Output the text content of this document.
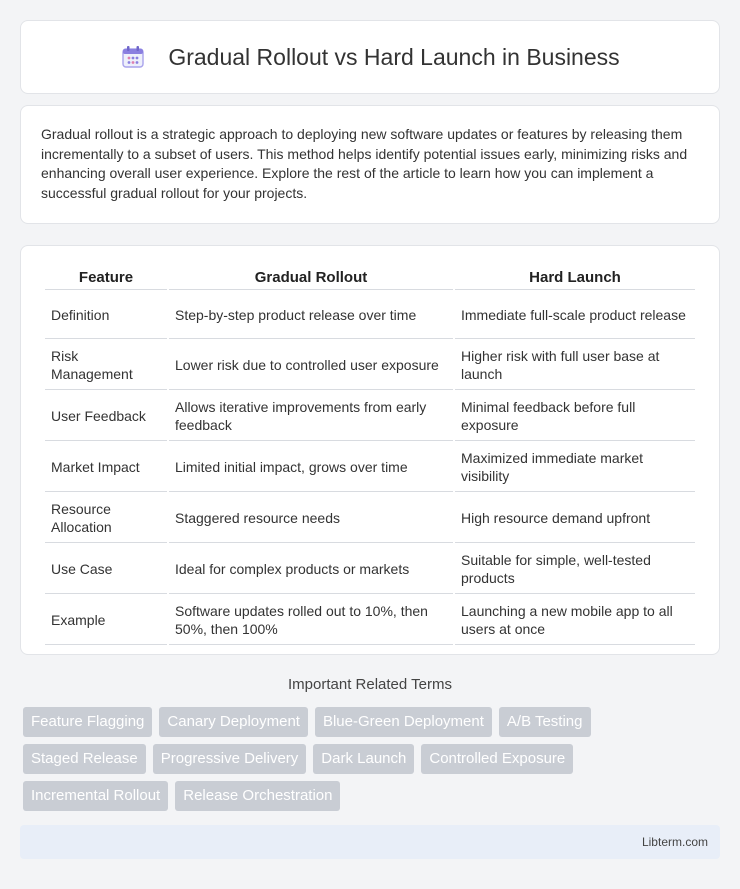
Gradual Rollout vs Hard Launch in Business

Gradual rollout is a strategic approach to deploying new software updates or features by releasing them incrementally to a subset of users. This method helps identify potential issues early, minimizing risks and enhancing overall user experience. Explore the rest of the article to learn how you can implement a successful gradual rollout for your projects.

Feature	Gradual Rollout	Hard Launch
Definition	Step-by-step product release over time	Immediate full-scale product release
Risk Management	Lower risk due to controlled user exposure	Higher risk with full user base at launch
User Feedback	Allows iterative improvements from early feedback	Minimal feedback before full exposure
Market Impact	Limited initial impact, grows over time	Maximized immediate market visibility
Resource Allocation	Staggered resource needs	High resource demand upfront
Use Case	Ideal for complex products or markets	Suitable for simple, well-tested products
Example	Software updates rolled out to 10%, then 50%, then 100%	Launching a new mobile app to all users at once
Important Related Terms
Feature Flagging	Canary Deployment	Blue-Green Deployment	A/B Testing
Staged Release	Progressive Delivery	Dark Launch	Controlled Exposure
Incremental Rollout	Release Orchestration
Libterm.com
